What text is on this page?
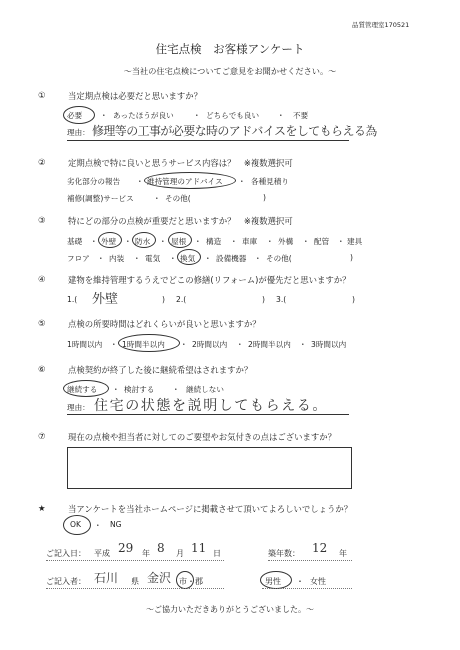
品質管理室170521
住宅点検　お客様アンケート
～当社の住宅点検についてご意見をお聞かせください。～
①	当定期点検は必要だと思いますか？
必要 ・ あったほうが良い	・ どちらでも良い ・ 不要
理由： 修理等の工事が必要な時のアドバイスをしてもらえる為
②	定期点検で特に良いと思うサービス内容は？　※複数選択可
劣化部分の報告 ・ 維持管理のアドバイス ・ 各種見積り
補修(調整)サービス	・ その他(	)
③	特にどの部分の点検が重要だと思いますか？　※複数選択可
基礎 ・ 外壁 ・ 防水 ・ 屋根 ・ 構造 ・ 車庫 ・ 外構 ・ 配管 ・ 建具
フロア ・ 内装 ・ 電気 ・ 換気 ・ 設備機器 ・ その他(	)
④	建物を維持管理するうえでどこの修繕(リフォーム)が優先だと思いますか？
1.( 外壁	) 2.(	) 3.(	)
⑤	点検の所要時間はどれくらいが良いと思いますか？
1時間以内 ・ 1時間半以内 ・ 2時間以内 ・ 2時間半以内 ・ 3時間以内
⑥	点検契約が終了した後に継続希望はされますか？
継続する ・ 検討する ・ 継続しない
理由： 住宅の状態を説明してもらえる。
⑦	現在の点検や担当者に対してのご要望やお気付きの点はございますか？
★	当アンケートを当社ホームページに掲載させて頂いてよろしいでしょうか？
OK ・ NG
ご記入日： 平成 29 年 8 月 11 日	築年数： 12 年
ご記入者： 石川 県 金沢 市・郡	男性 ・ 女性
～ご協力いただきありがとうございました。～
